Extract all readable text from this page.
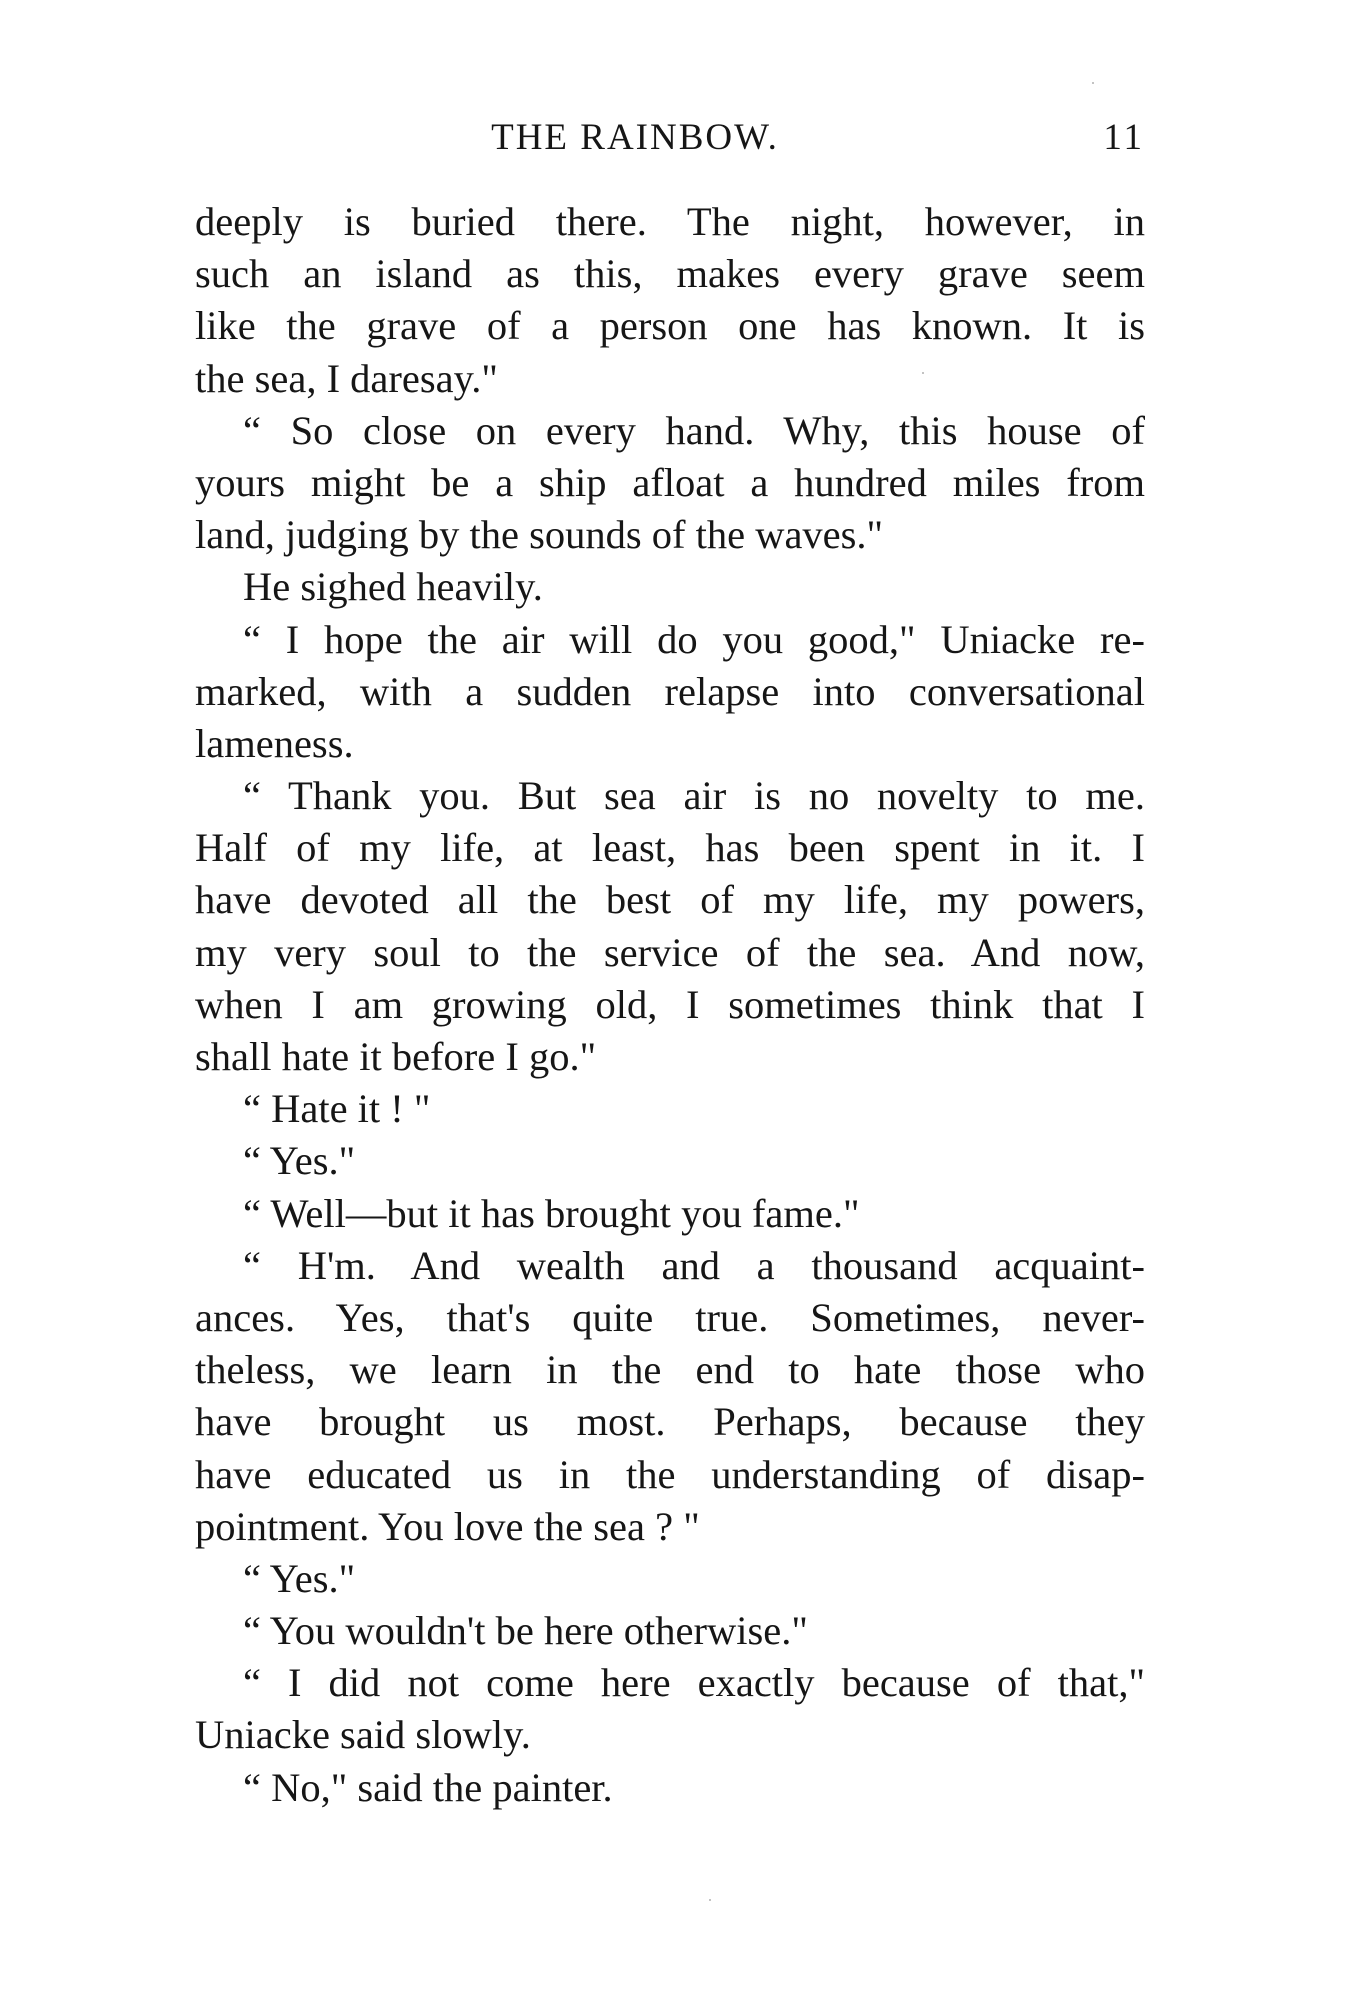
THE RAINBOW.	11
deeply is buried there. The night, however, in
such an island as this, makes every grave seem
like the grave of a person one has known. It is
the sea, I daresay."
“ So close on every hand. Why, this house of
yours might be a ship afloat a hundred miles from
land, judging by the sounds of the waves."
He sighed heavily.
“ I hope the air will do you good," Uniacke re-
marked, with a sudden relapse into conversational
lameness.
“ Thank you. But sea air is no novelty to me.
Half of my life, at least, has been spent in it. I
have devoted all the best of my life, my powers,
my very soul to the service of the sea. And now,
when I am growing old, I sometimes think that I
shall hate it before I go."
“ Hate it ! "
“ Yes."
“ Well—but it has brought you fame."
“ H'm. And wealth and a thousand acquaint-
ances. Yes, that's quite true. Sometimes, never-
theless, we learn in the end to hate those who
have brought us most. Perhaps, because they
have educated us in the understanding of disap-
pointment. You love the sea ? "
“ Yes."
“ You wouldn't be here otherwise."
“ I did not come here exactly because of that,"
Uniacke said slowly.
“ No," said the painter.
